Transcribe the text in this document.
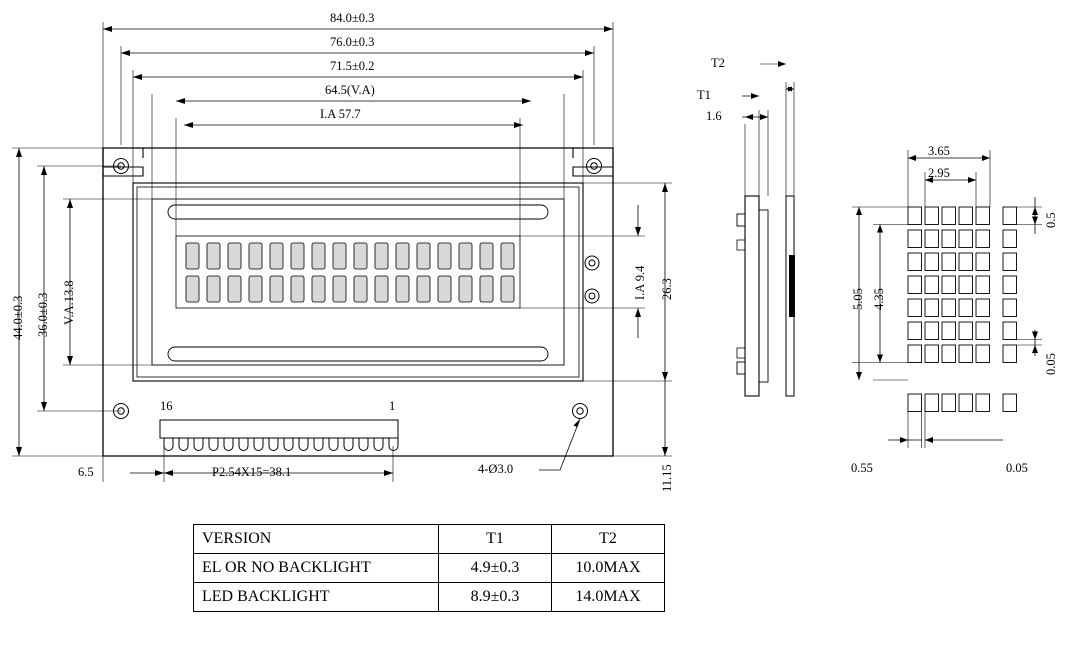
84.0±0.3
76.0±0.3
71.5±0.2
64.5(V.A)
I.A 57.7
44.0±0.3 36.0±0.3 V.A.13.8	I.A 9.4 26.3
11.15
6.5	P2.54X15=38.1	4-Ø3.0
16	1
T2
T1
1.6
3.65
2.95
5.05 4.35
0.5
0.05
0.55	0.05
VERSION	T1	T2
EL OR NO BACKLIGHT	4.9±0.3	10.0MAX
LED BACKLIGHT	8.9±0.3	14.0MAX
